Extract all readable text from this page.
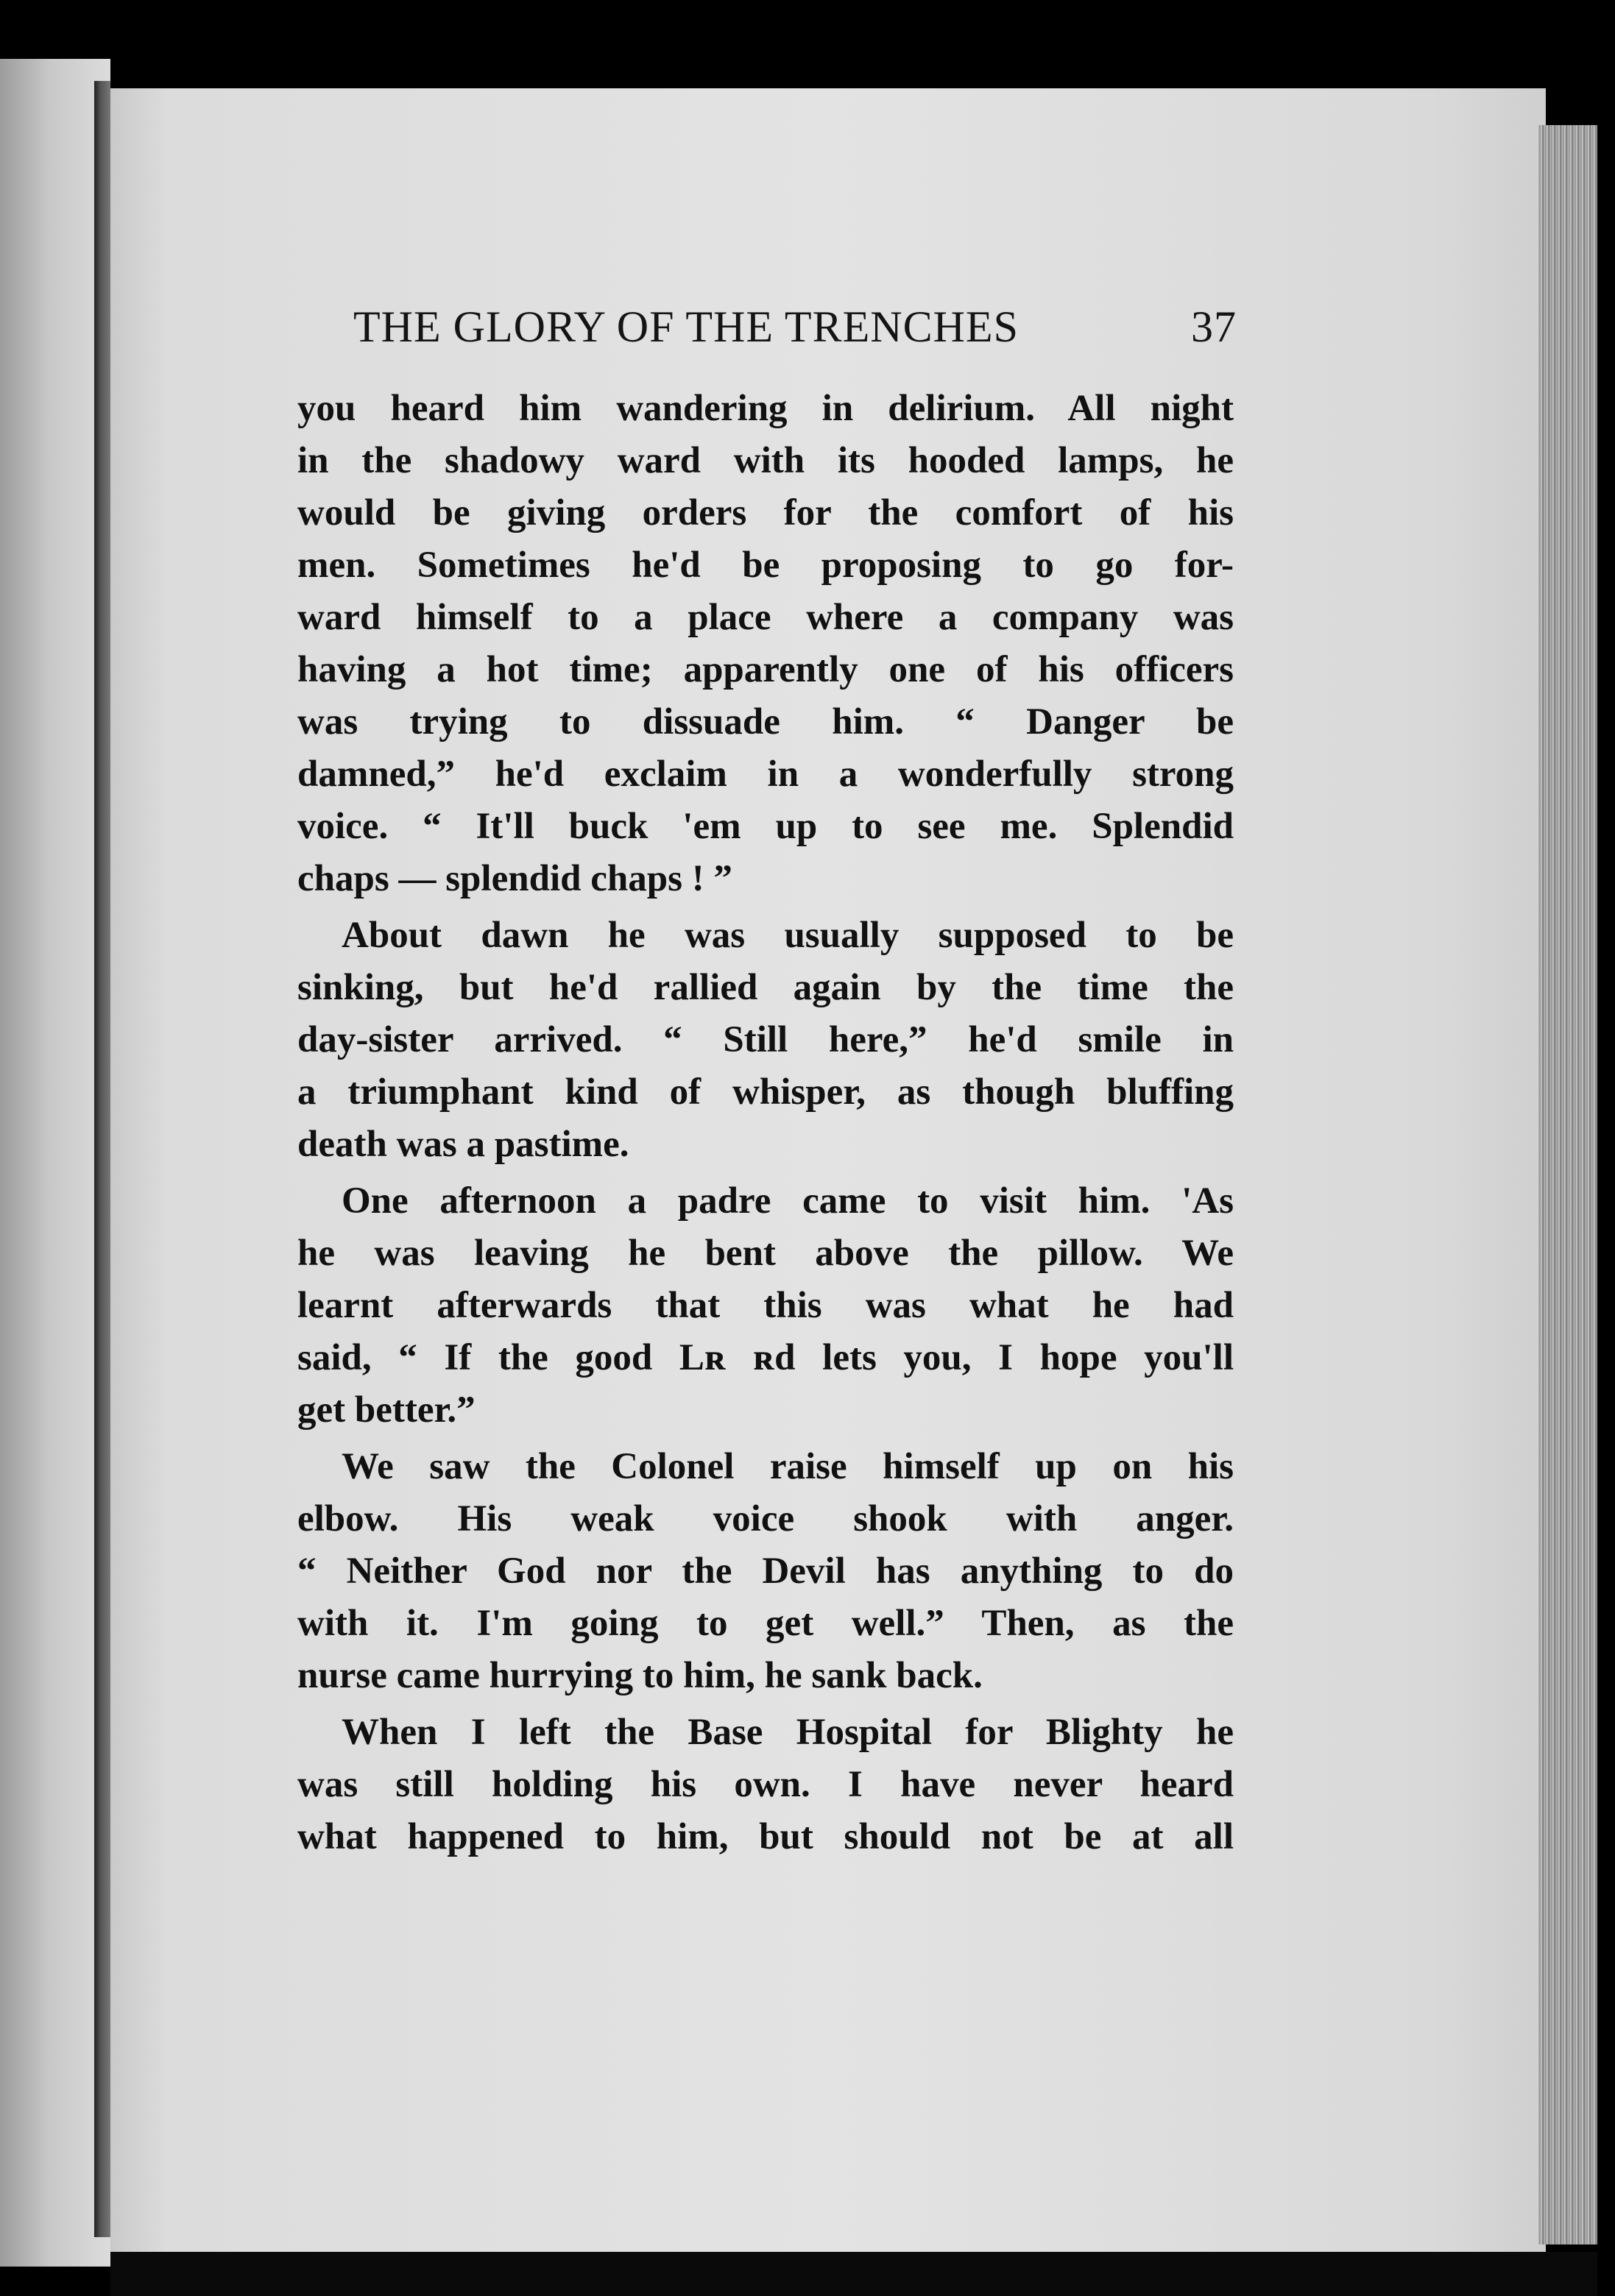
THE GLORY OF THE TRENCHES	37
you heard him wandering in delirium. All night
in the shadowy ward with its hooded lamps, he
would be giving orders for the comfort of his
men. Sometimes he'd be proposing to go for-
ward himself to a place where a company was
having a hot time; apparently one of his officers
was trying to dissuade him. “ Danger be
damned,” he'd exclaim in a wonderfully strong
voice. “ It'll buck 'em up to see me. Splendid
chaps — splendid chaps ! ”
About dawn he was usually supposed to be
sinking, but he'd rallied again by the time the
day-sister arrived. “ Still here,” he'd smile in
a triumphant kind of whisper, as though bluffing
death was a pastime.
One afternoon a padre came to visit him. 'As
he was leaving he bent above the pillow. We
learnt afterwards that this was what he had
said, “ If the good Lʀ ʀd lets you, I hope you'll
get better.”
We saw the Colonel raise himself up on his
elbow. His weak voice shook with anger.
“ Neither God nor the Devil has anything to do
with it. I'm going to get well.” Then, as the
nurse came hurrying to him, he sank back.
When I left the Base Hospital for Blighty he
was still holding his own. I have never heard
what happened to him, but should not be at all
